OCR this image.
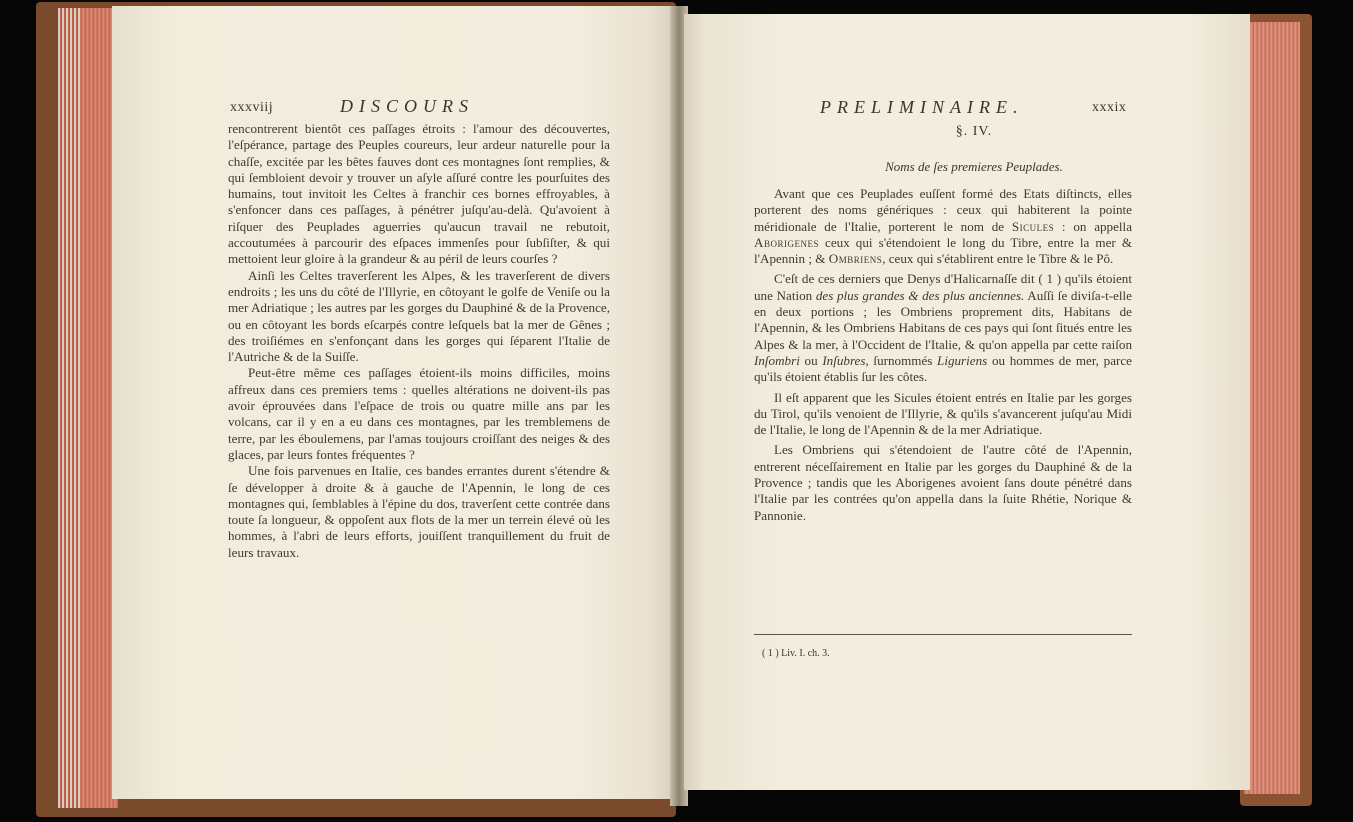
xxxviij	DISCOURS

rencontrerent bientôt ces paſſages étroits : l'amour des découvertes, l'eſpérance, partage des Peuples coureurs, leur ardeur naturelle pour la chaſſe, excitée par les bêtes fauves dont ces montagnes ſont remplies, & qui ſembloient devoir y trouver un aſyle aſſuré contre les pourſuites des humains, tout invitoit les Celtes à franchir ces bornes effroyables, à s'enfoncer dans ces paſſages, à pénétrer juſqu'au-delà. Qu'avoient à riſquer des Peuplades aguerries qu'aucun travail ne rebutoit, accoutumées à parcourir des eſpaces immenſes pour ſubſiſter, & qui mettoient leur gloire à la grandeur & au péril de leurs courſes ?

Ainſi les Celtes traverſerent les Alpes, & les traverſerent de divers endroits ; les uns du côté de l'Illyrie, en côtoyant le golfe de Veniſe ou la mer Adriatique ; les autres par les gorges du Dauphiné & de la Provence, ou en côtoyant les bords eſcarpés contre leſquels bat la mer de Gênes ; des troiſiémes en s'enfonçant dans les gorges qui ſéparent l'Italie de l'Autriche & de la Suiſſe.

Peut-être même ces paſſages étoient-ils moins difficiles, moins affreux dans ces premiers tems : quelles altérations ne doivent-ils pas avoir éprouvées dans l'eſpace de trois ou quatre mille ans par les volcans, car il y en a eu dans ces montagnes, par les tremblemens de terre, par les éboulemens, par l'amas toujours croiſſant des neiges & des glaces, par leurs fontes fréquentes ?

Une fois parvenues en Italie, ces bandes errantes durent s'étendre & ſe développer à droite & à gauche de l'Apennin, le long de ces montagnes qui, ſemblables à l'épine du dos, traverſent cette contrée dans toute ſa longueur, & oppoſent aux flots de la mer un terrein élevé où les hommes, à l'abri de leurs efforts, jouiſſent tranquillement du fruit de leurs travaux.

PRELIMINAIRE.	xxxix
§. IV.
Noms de ſes premieres Peuplades.

Avant que ces Peuplades euſſent formé des Etats diſtincts, elles porterent des noms génériques : ceux qui habiterent la pointe méridionale de l'Italie, porterent le nom de Sicules : on appella Aborigenes ceux qui s'étendoient le long du Tibre, entre la mer & l'Apennin ; & Ombriens, ceux qui s'établirent entre le Tibre & le Pô.

C'eſt de ces derniers que Denys d'Halicarnaſſe dit ( 1 ) qu'ils étoient une Nation des plus grandes & des plus anciennes. Auſſi ſe diviſa-t-elle en deux portions ; les Ombriens proprement dits, Habitans de l'Apennin, & les Ombriens Habitans de ces pays qui ſont ſitués entre les Alpes & la mer, à l'Occident de l'Italie, & qu'on appella par cette raiſon Inſombri ou Inſubres, ſurnommés Liguriens ou hommes de mer, parce qu'ils étoient établis ſur les côtes.

Il eſt apparent que les Sicules étoient entrés en Italie par les gorges du Tirol, qu'ils venoient de l'Illyrie, & qu'ils s'avancerent juſqu'au Midi de l'Italie, le long de l'Apennin & de la mer Adriatique.

Les Ombriens qui s'étendoient de l'autre côté de l'Apennin, entrerent néceſſairement en Italie par les gorges du Dauphiné & de la Provence ; tandis que les Aborigenes avoient ſans doute pénétré dans l'Italie par les contrées qu'on appella dans la ſuite Rhétie, Norique & Pannonie.

( 1 ) Liv. I. ch. 3.
